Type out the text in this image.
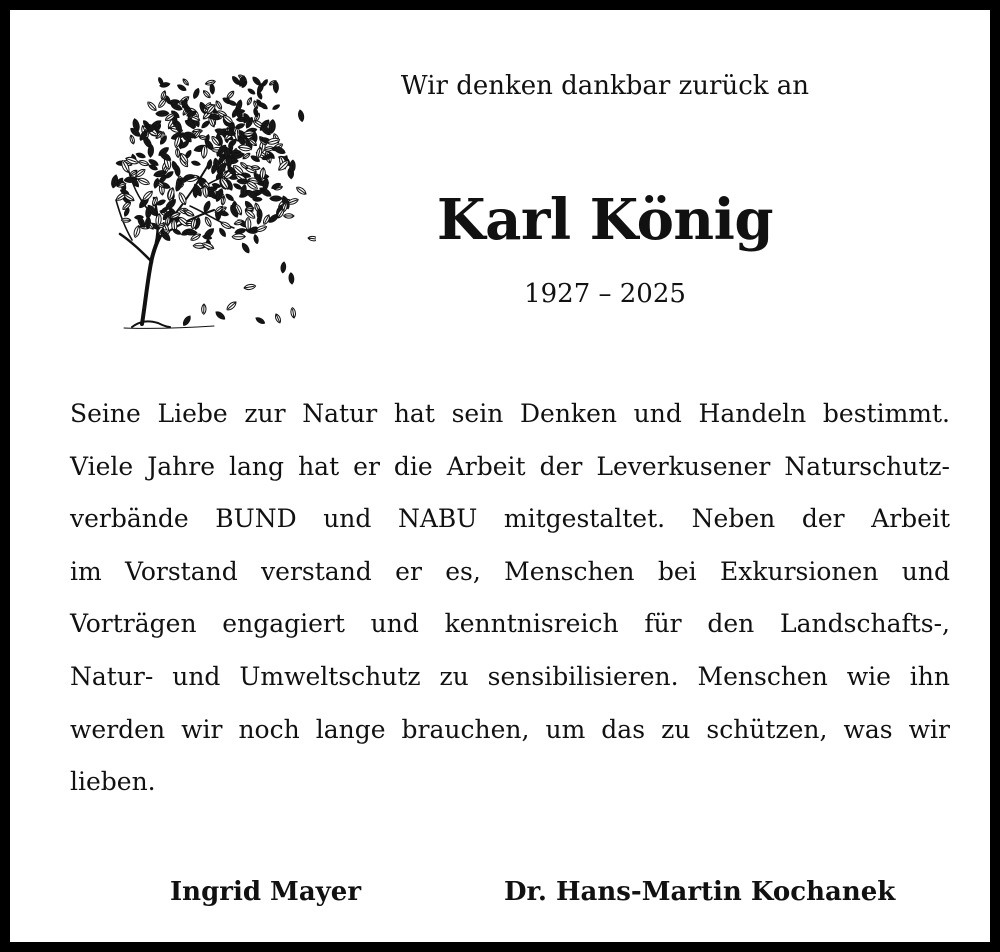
Wir denken dankbar zurück an
Karl König
1927 – 2025
Seine Liebe zur Natur hat sein Denken und Handeln bestimmt.
Viele Jahre lang hat er die Arbeit der Leverkusener Naturschutz-
verbände BUND und NABU mitgestaltet. Neben der Arbeit
im Vorstand verstand er es, Menschen bei Exkursionen und
Vorträgen engagiert und kenntnisreich für den Landschafts-,
Natur- und Umweltschutz zu sensibilisieren. Menschen wie ihn
werden wir noch lange brauchen, um das zu schützen, was wir
lieben.
Ingrid Mayer	Dr. Hans-Martin Kochanek
